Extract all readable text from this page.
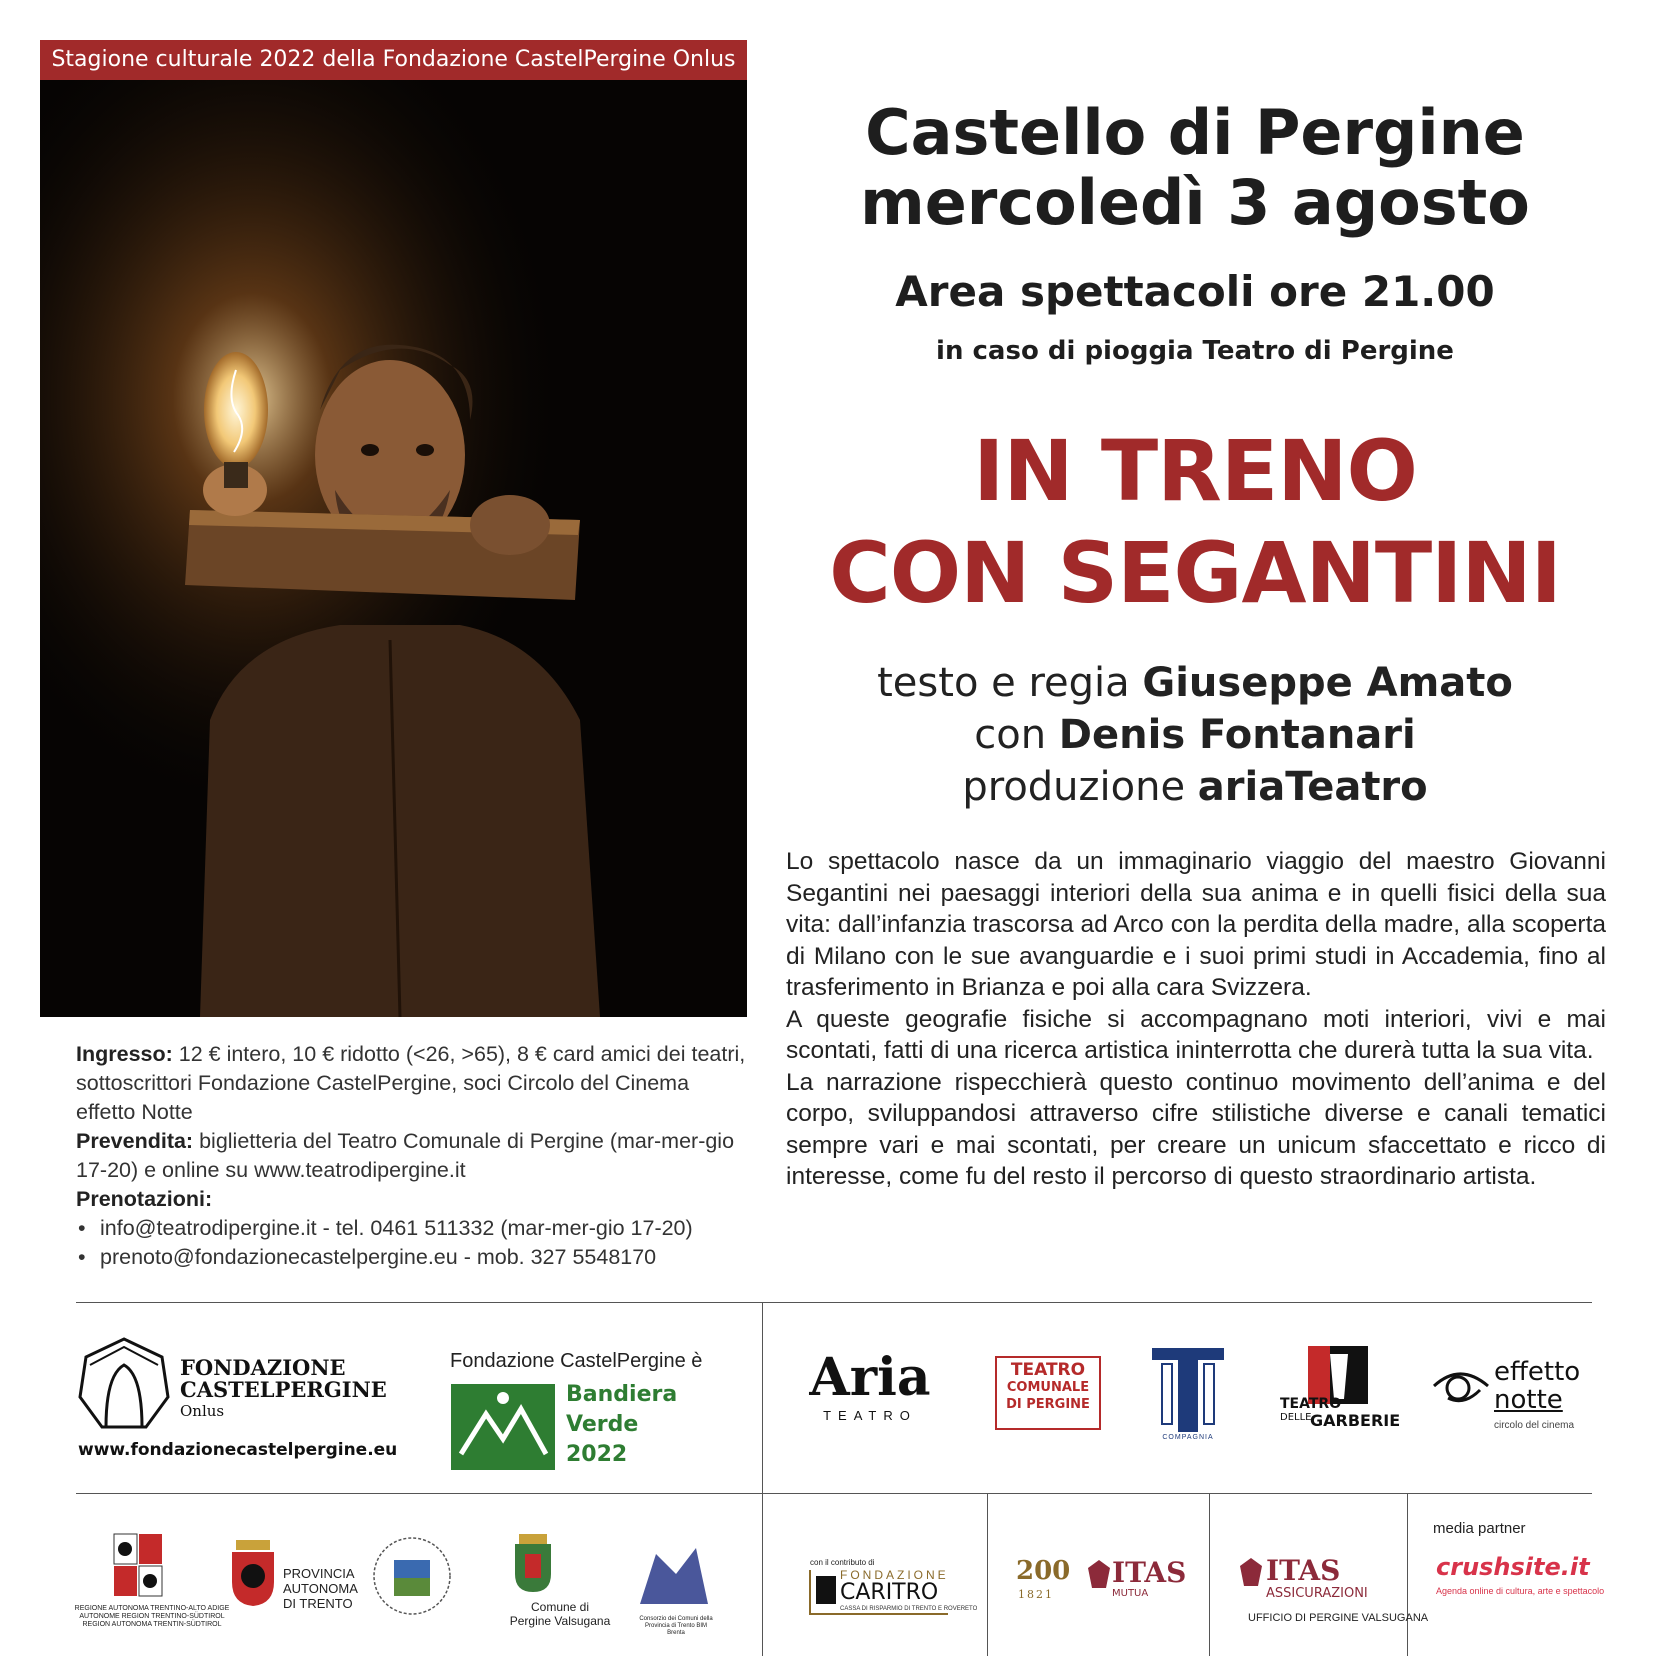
Stagione culturale 2022 della Fondazione CastelPergine Onlus
Castello di Pergine
mercoledì 3 agosto
Area spettacoli ore 21.00
in caso di pioggia Teatro di Pergine
IN TRENO
CON SEGANTINI
testo e regia Giuseppe Amato
con Denis Fontanari
produzione ariaTeatro

Lo spettacolo nasce da un immaginario viaggio del maestro Giovanni Segantini nei paesaggi interiori della sua anima e in quelli fisici della sua vita: dall’infanzia trascorsa ad Arco con la perdita della madre, alla scoperta di Milano con le sue avanguardie e i suoi primi studi in Accademia, fino al trasferimento in Brianza e poi alla cara Svizzera.

A queste geografie fisiche si accompagnano moti interiori, vivi e mai scontati, fatti di una ricerca artistica ininterrotta che durerà tutta la sua vita.

La narrazione rispecchierà questo continuo movimento dell’anima e del corpo, sviluppandosi attraverso cifre stilistiche diverse e canali tematici sempre vari e mai scontati, per creare un unicum sfaccettato e ricco di interesse, come fu del resto il percorso di questo straordinario artista.

Ingresso: 12 € intero, 10 € ridotto (<26, >65), 8 € card amici dei teatri, sottoscrittori Fondazione CastelPergine, soci Circolo del Cinema effetto Notte

Prevendita: biglietteria del Teatro Comunale di Pergine (mar-mer-gio 17-20) e online su www.teatrodipergine.it

Prenotazioni:

• info@teatrodipergine.it - tel. 0461 511332 (mar-mer-gio 17-20)
• prenoto@fondazionecastelpergine.eu - mob. 327 5548170
FONDAZIONE
CASTELPERGINE
Onlus
www.fondazionecastelpergine.eu
Fondazione CastelPergine è
Bandiera
Verde
2022
Aria
TEATRO
TEATRO
COMUNALE
DI PERGINE
COMPAGNIA
TEATRO
DELLE
GARBERIE
effetto
notte
circolo del cinema
REGIONE AUTONOMA TRENTINO-ALTO ADIGE AUTONOME REGION TRENTINO-SÜDTIROL REGION AUTONOMA TRENTIN-SÜDTIROL
PROVINCIA
AUTONOMA
DI TRENTO	Comune di
Pergine Valsugana	Consorzio dei Comuni della Provincia di Trento BIM Brenta
con il contributo di
FONDAZIONE
CARITRO
CASSA DI RISPARMIO DI TRENTO E ROVERETO
200
1821
ITAS
MUTUA
ITAS
ASSICURAZIONI
UFFICIO DI PERGINE VALSUGANA
media partner
crushsite.it
Agenda online di cultura, arte e spettacolo
